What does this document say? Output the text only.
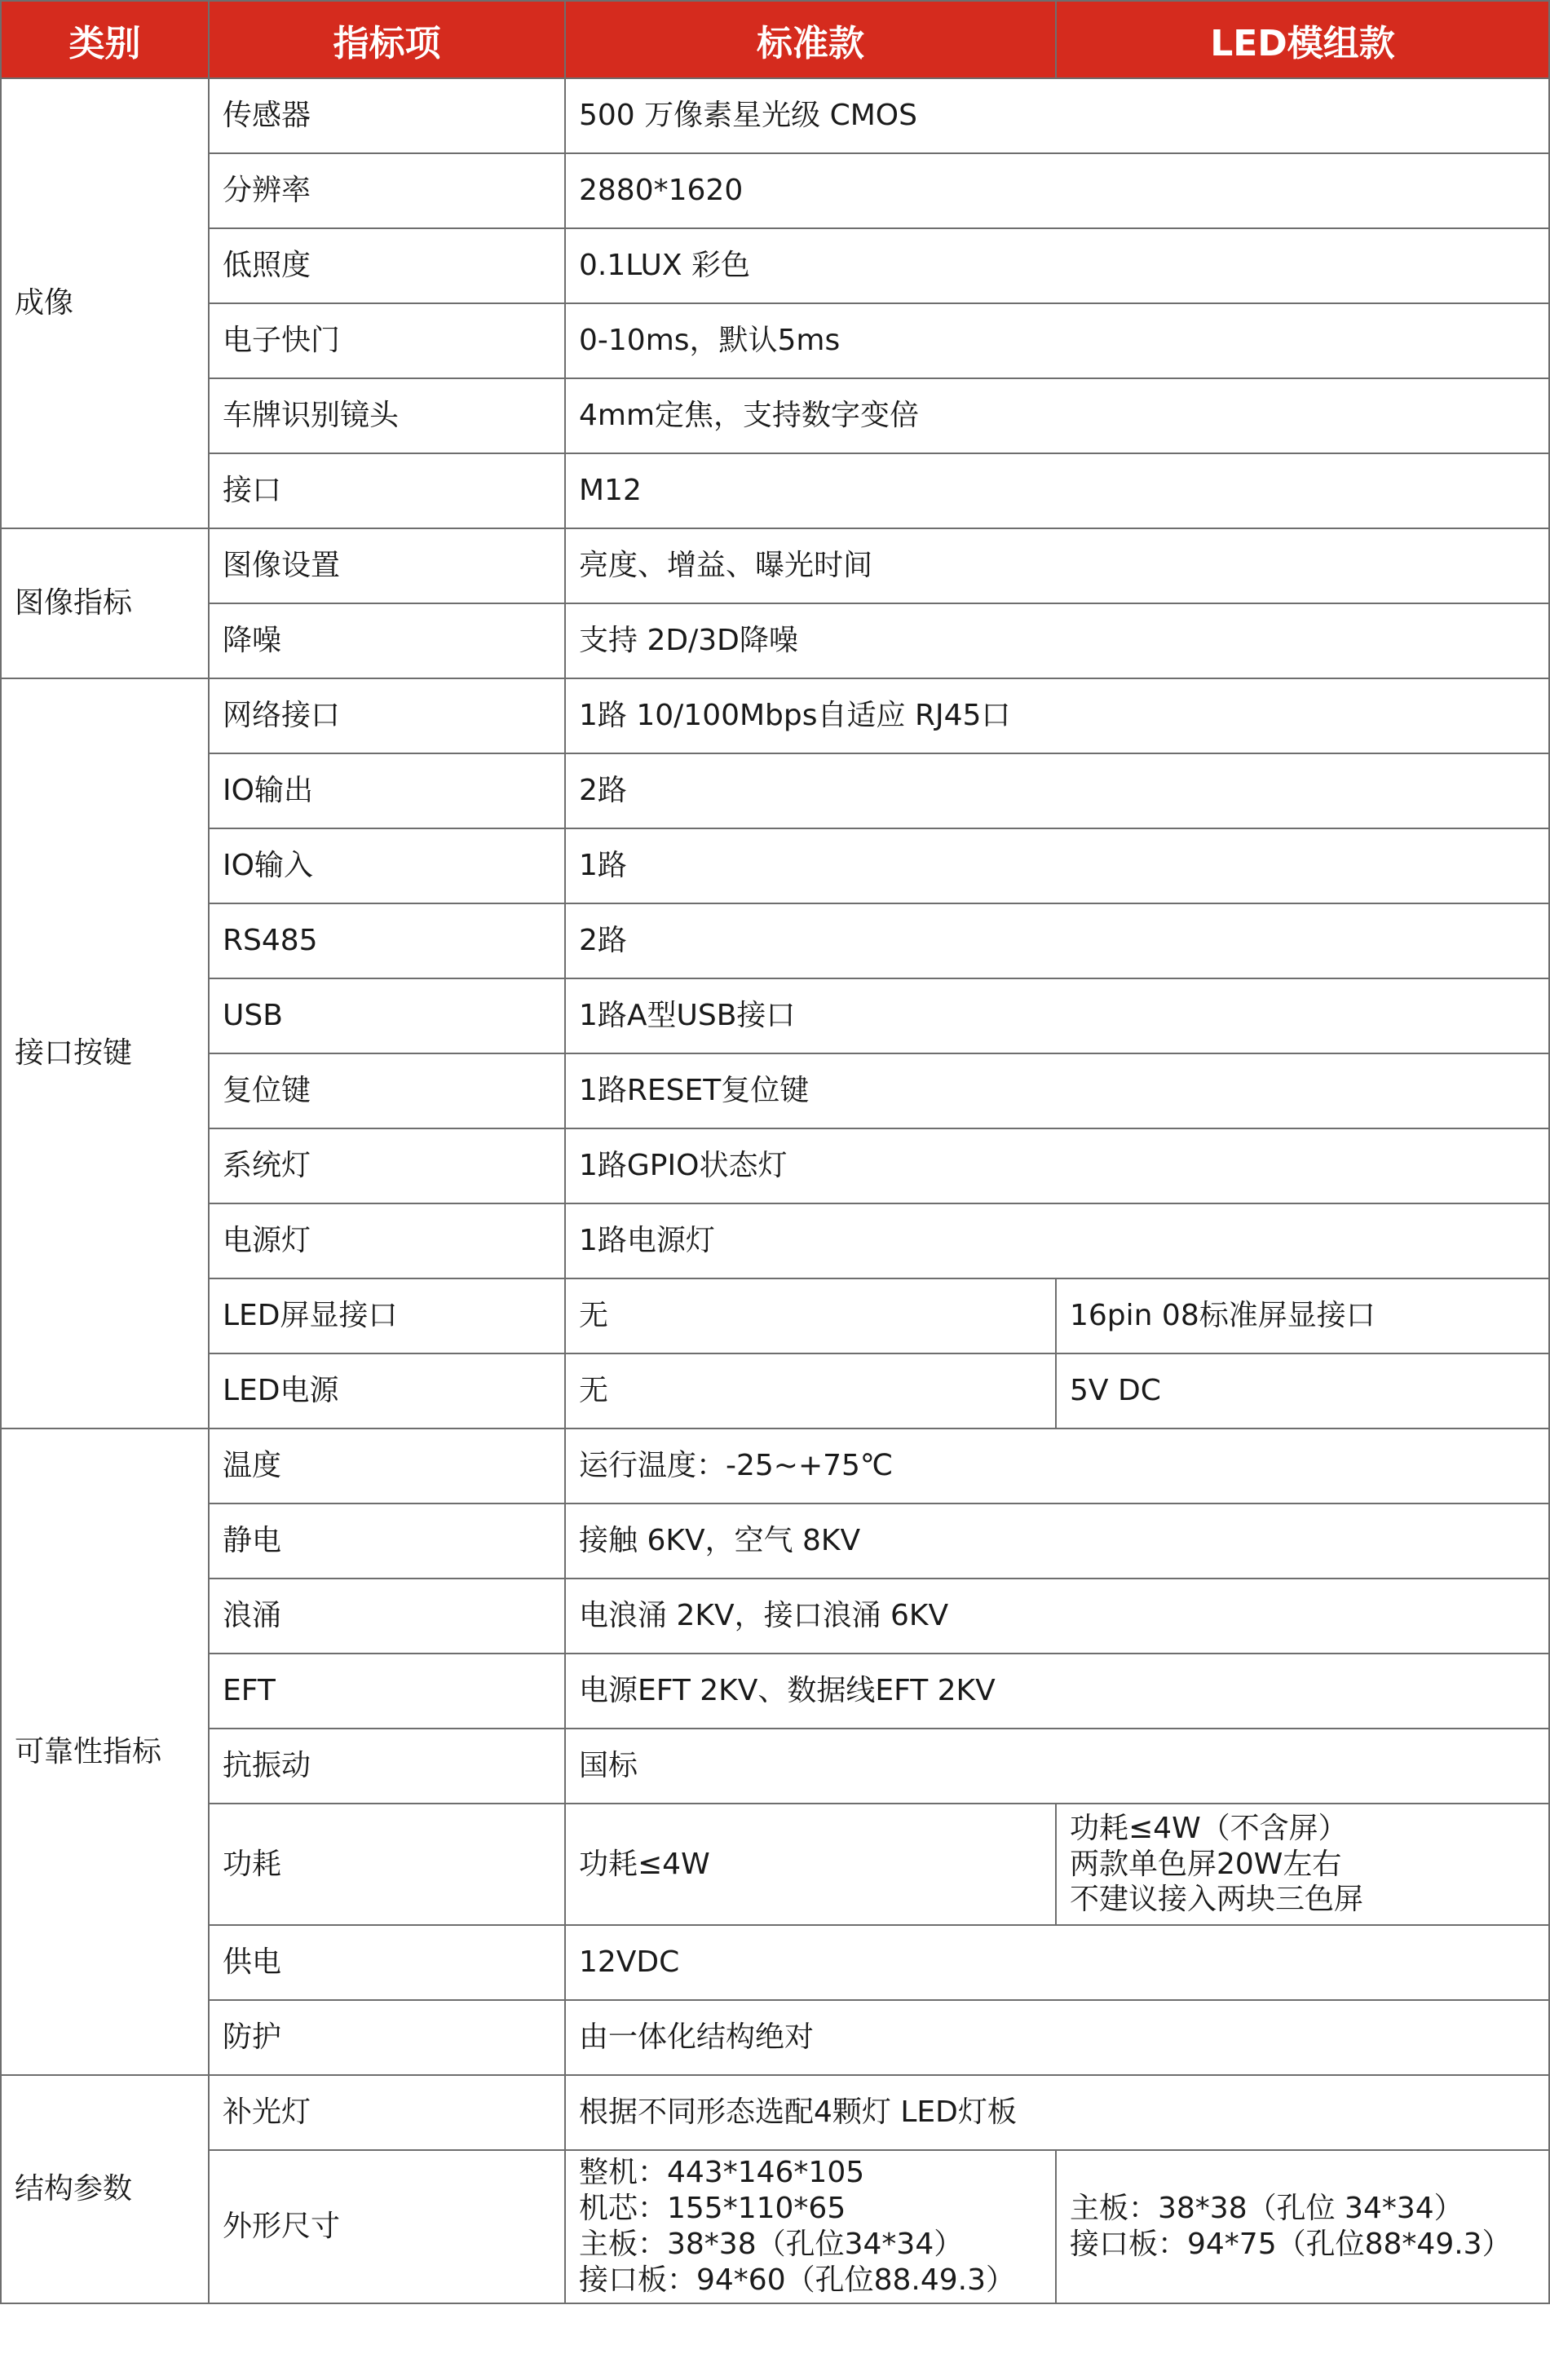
类别	指标项	标准款	LED模组款
成像	传感器	500 万像素星光级 CMOS	
	分辨率	2880*1620	
	低照度	0.1LUX 彩色	
	电子快门	0-10ms，默认5ms	
	车牌识别镜头	4mm定焦，支持数字变倍	
	接口	M12	
图像指标	图像设置	亮度、增益、曝光时间	
	降噪	支持 2D/3D降噪	
接口按键	网络接口	1路 10/100Mbps自适应 RJ45口	
	IO输出	2路	
	IO输入	1路	
	RS485	2路	
	USB	1路A型USB接口	
	复位键	1路RESET复位键	
	系统灯	1路GPIO状态灯	
	电源灯	1路电源灯	
	LED屏显接口	无	16pin 08标准屏显接口
	LED电源	无	5V DC
可靠性指标	温度	运行温度：-25~+75℃	
	静电	接触 6KV，空气 8KV	
	浪涌	电浪涌 2KV，接口浪涌 6KV	
	EFT	电源EFT 2KV、数据线EFT 2KV	
	抗振动	国标	
	功耗	功耗≤4W	功耗≤4W（不含屏）
两款单色屏20W左右
不建议接入两块三色屏
	供电	12VDC	
	防护	由一体化结构绝对	
结构参数	补光灯	根据不同形态选配4颗灯 LED灯板	
	外形尺寸	整机：443*146*105
机芯：155*110*65
主板：38*38（孔位34*34）
接口板：94*60（孔位88.49.3）	主板：38*38（孔位 34*34）
接口板：94*75（孔位88*49.3）
